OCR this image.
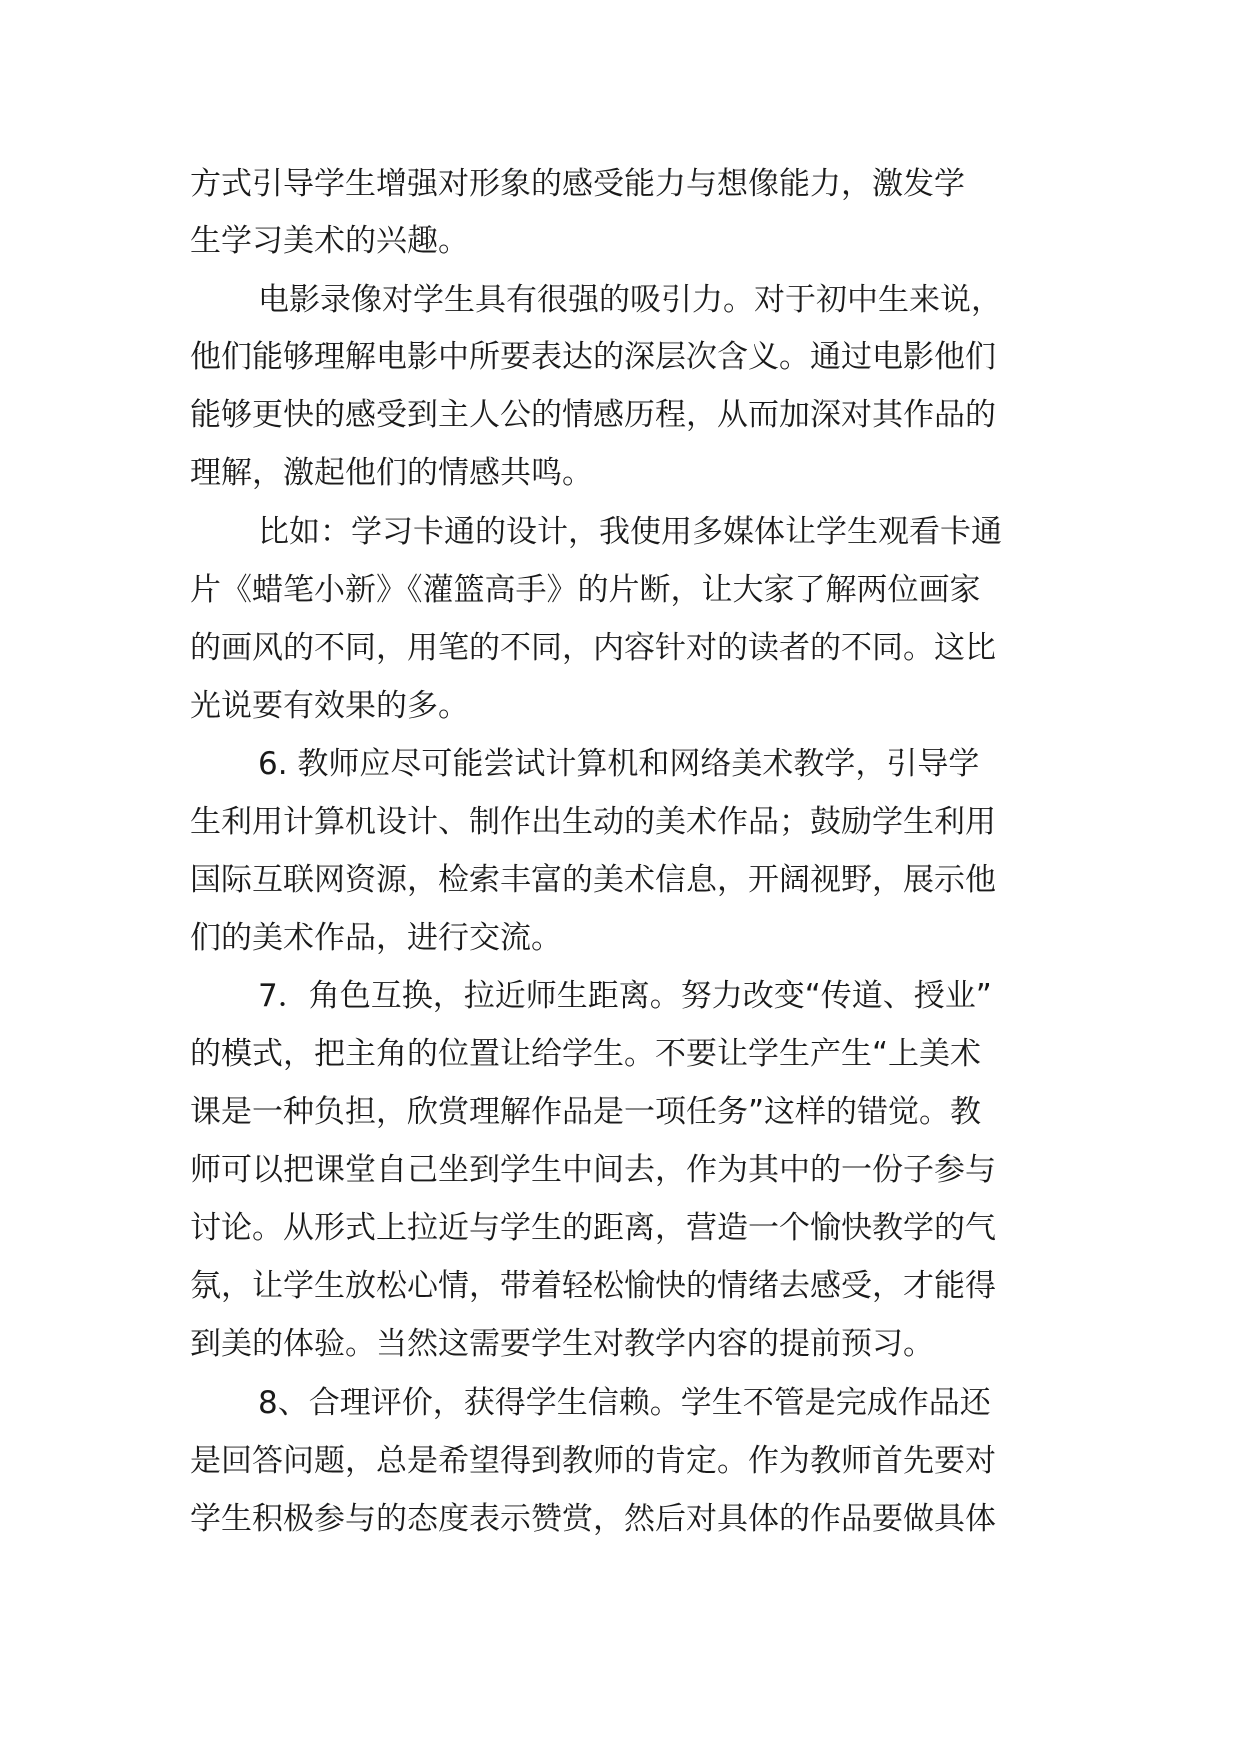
方式引导学生增强对形象的感受能力与想像能力，激发学
生学习美术的兴趣。
电影录像对学生具有很强的吸引力。对于初中生来说，
他们能够理解电影中所要表达的深层次含义。通过电影他们
能够更快的感受到主人公的情感历程，从而加深对其作品的
理解，激起他们的情感共鸣。
比如：学习卡通的设计，我使用多媒体让学生观看卡通
片《蜡笔小新》《灌篮高手》的片断，让大家了解两位画家
的画风的不同，用笔的不同，内容针对的读者的不同。这比
光说要有效果的多。
6. 教师应尽可能尝试计算机和网络美术教学，引导学
生利用计算机设计、制作出生动的美术作品；鼓励学生利用
国际互联网资源，检索丰富的美术信息，开阔视野，展示他
们的美术作品，进行交流。
7．角色互换，拉近师生距离。努力改变“传道、授业”
的模式，把主角的位置让给学生。不要让学生产生“上美术
课是一种负担，欣赏理解作品是一项任务”这样的错觉。教
师可以把课堂自己坐到学生中间去，作为其中的一份子参与
讨论。从形式上拉近与学生的距离，营造一个愉快教学的气
氛，让学生放松心情，带着轻松愉快的情绪去感受，才能得
到美的体验。当然这需要学生对教学内容的提前预习。
8、合理评价，获得学生信赖。学生不管是完成作品还
是回答问题，总是希望得到教师的肯定。作为教师首先要对
学生积极参与的态度表示赞赏，然后对具体的作品要做具体
